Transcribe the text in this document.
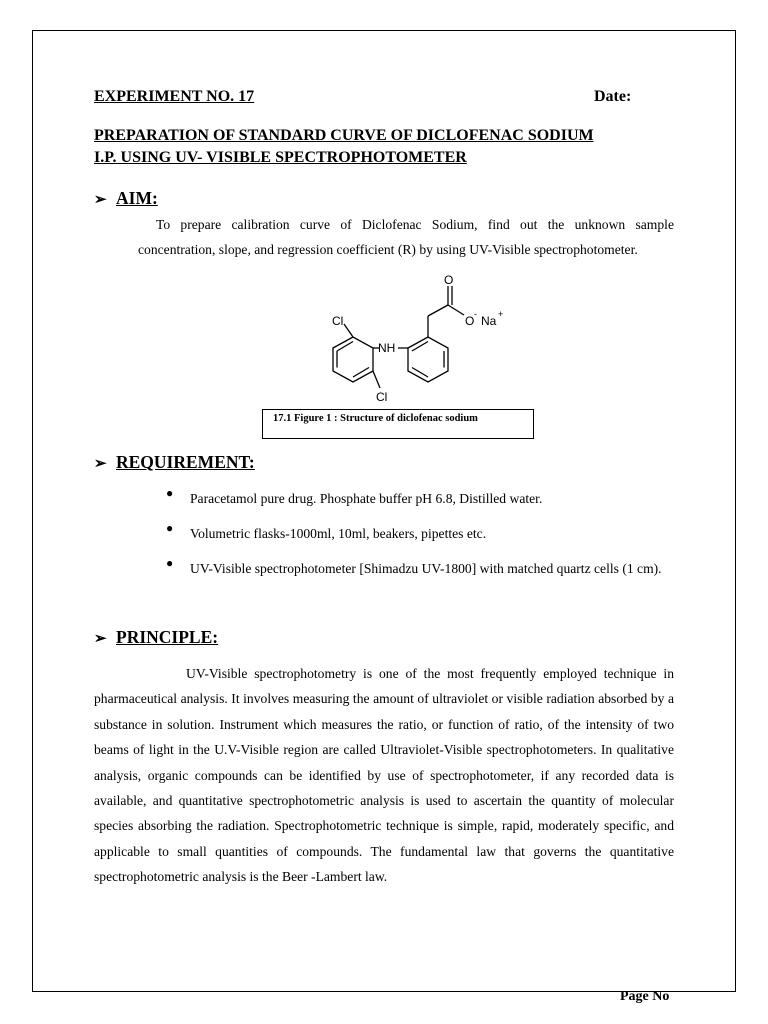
EXPERIMENT NO. 17	Date:
PREPARATION OF STANDARD CURVE OF DICLOFENAC SODIUM
I.P. USING UV- VISIBLE SPECTROPHOTOMETER
➢ AIM:
To prepare calibration curve of Diclofenac Sodium, find out the unknown sample concentration, slope, and regression coefficient (R) by using UV-Visible spectrophotometer.
O
O - Na +
NH
Cl
Cl
17.1 Figure 1 : Structure of diclofenac sodium
➢ REQUIREMENT:
● Paracetamol pure drug. Phosphate buffer pH 6.8, Distilled water.
● Volumetric flasks-1000ml, 10ml, beakers, pipettes etc.
● UV-Visible spectrophotometer [Shimadzu UV-1800] with matched quartz cells (1 cm).
➢ PRINCIPLE:
UV-Visible spectrophotometry is one of the most frequently employed technique in pharmaceutical analysis. It involves measuring the amount of ultraviolet or visible radiation absorbed by a substance in solution. Instrument which measures the ratio, or function of ratio, of the intensity of two beams of light in the U.V-Visible region are called Ultraviolet-Visible spectrophotometers. In qualitative analysis, organic compounds can be identified by use of spectrophotometer, if any recorded data is available, and quantitative spectrophotometric analysis is used to ascertain the quantity of molecular species absorbing the radiation. Spectrophotometric technique is simple, rapid, moderately specific, and applicable to small quantities of compounds. The fundamental law that governs the quantitative spectrophotometric analysis is the Beer -Lambert law.
Page No
